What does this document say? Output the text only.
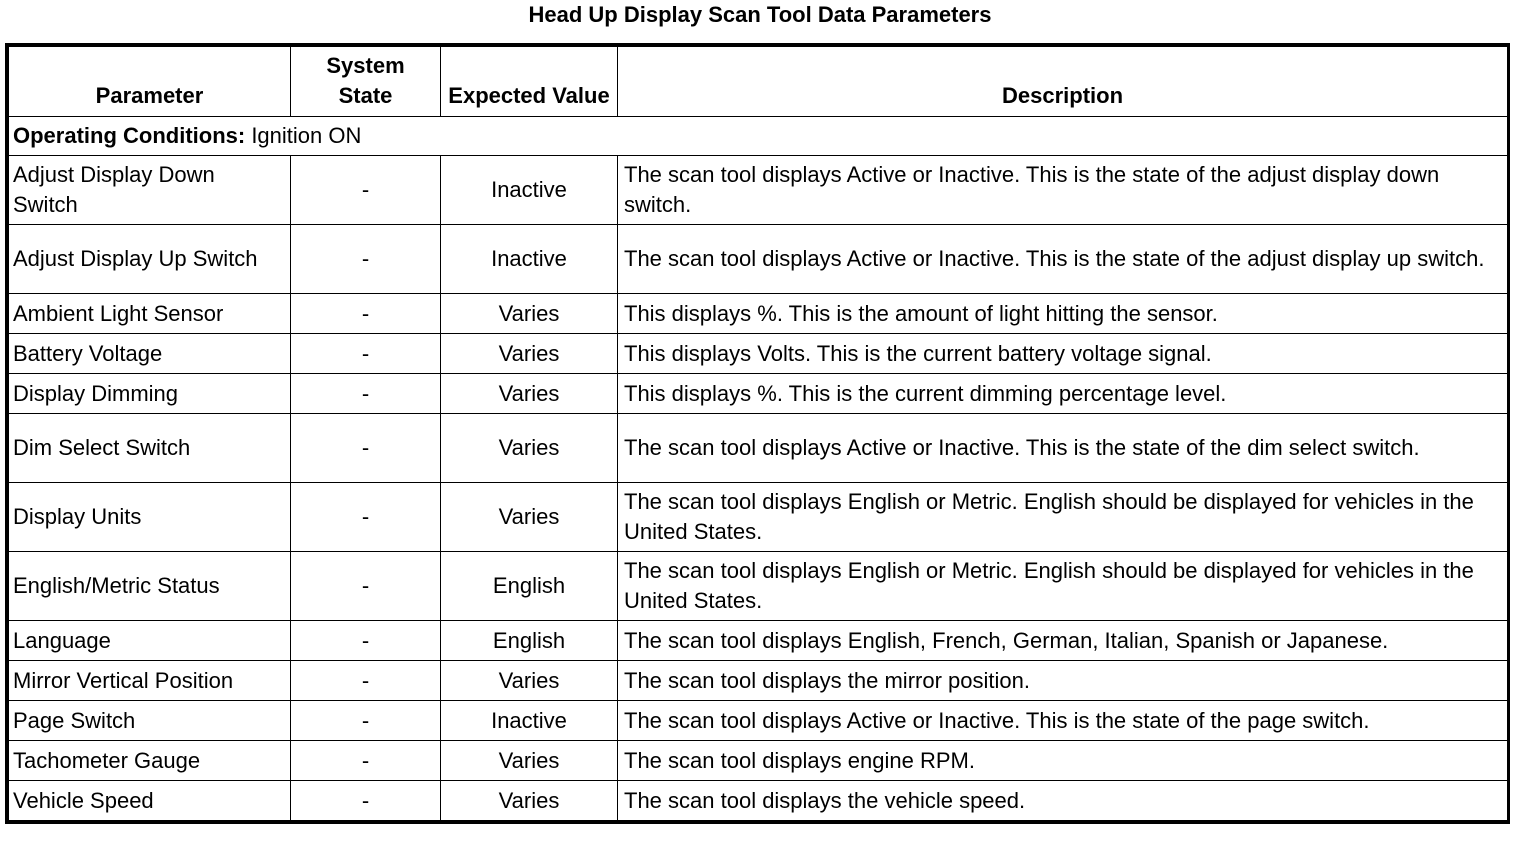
Head Up Display Scan Tool Data Parameters
Parameter	System State	Expected Value	Description
Operating Conditions: Ignition ON			
Adjust Display Down Switch	-	Inactive	The scan tool displays Active or Inactive. This is the state of the adjust display down switch.
Adjust Display Up Switch	-	Inactive	The scan tool displays Active or Inactive. This is the state of the adjust display up switch.
Ambient Light Sensor	-	Varies	This displays %. This is the amount of light hitting the sensor.
Battery Voltage	-	Varies	This displays Volts. This is the current battery voltage signal.
Display Dimming	-	Varies	This displays %. This is the current dimming percentage level.
Dim Select Switch	-	Varies	The scan tool displays Active or Inactive. This is the state of the dim select switch.
Display Units	-	Varies	The scan tool displays English or Metric. English should be displayed for vehicles in the United States.
English/Metric Status	-	English	The scan tool displays English or Metric. English should be displayed for vehicles in the United States.
Language	-	English	The scan tool displays English, French, German, Italian, Spanish or Japanese.
Mirror Vertical Position	-	Varies	The scan tool displays the mirror position.
Page Switch	-	Inactive	The scan tool displays Active or Inactive. This is the state of the page switch.
Tachometer Gauge	-	Varies	The scan tool displays engine RPM.
Vehicle Speed	-	Varies	The scan tool displays the vehicle speed.
